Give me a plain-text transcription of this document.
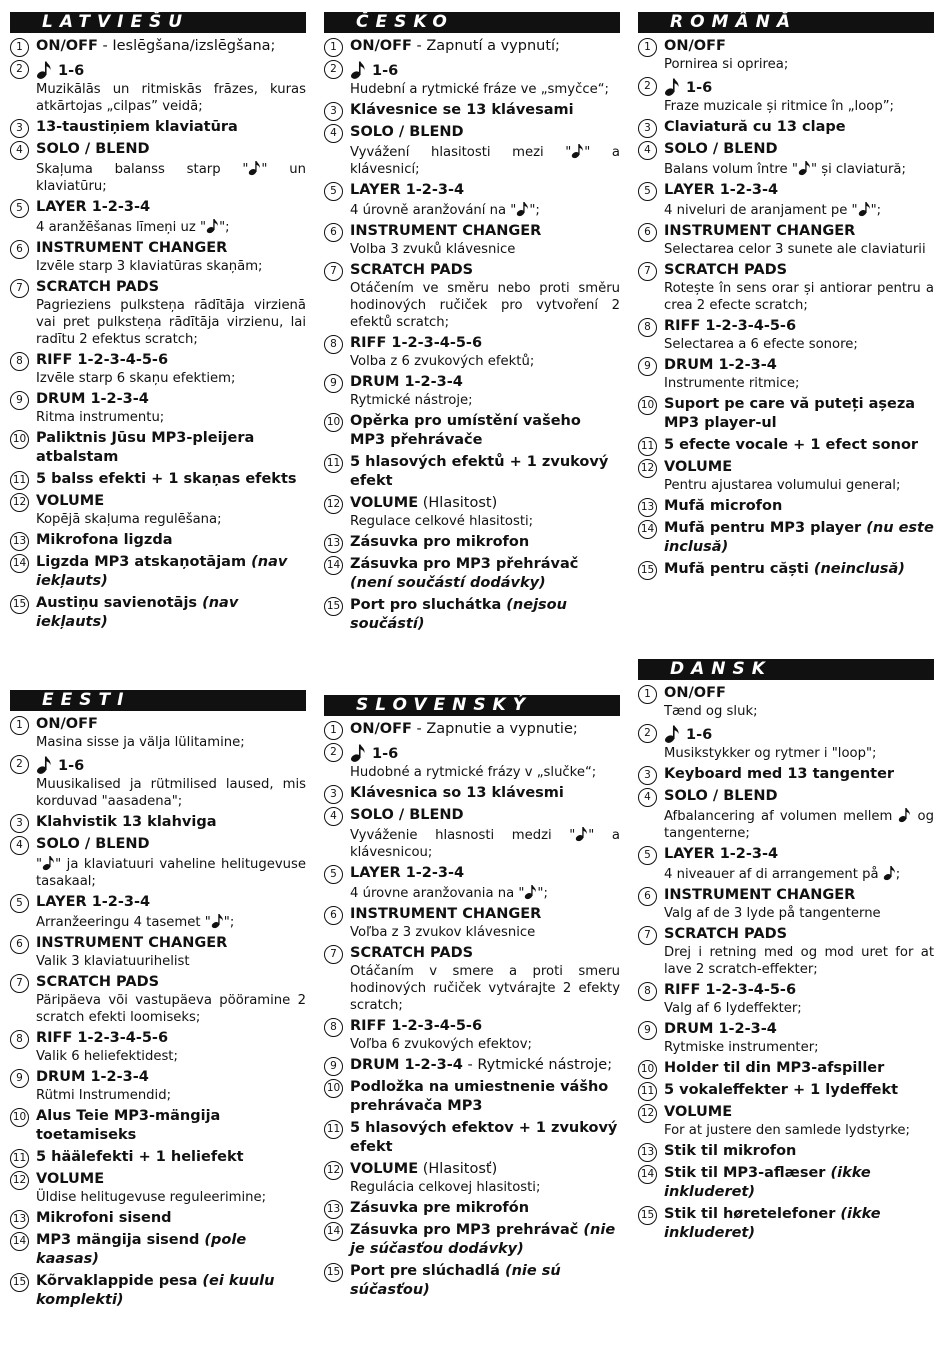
LATVIEŠU
1 ON/OFF - Ieslēgšana/izslēgšana;
2	1-6
Muzikālās un ritmiskās frāzes, kuras atkārtojas „cilpas” veidā;
3 13-taustiņiem klaviatūra
4 SOLO / BLEND
Skaļuma balanss starp " " un klaviatūru;
5 LAYER 1-2-3-4
4 aranžēšanas līmeņi uz " ";
6 INSTRUMENT CHANGER
Izvēle starp 3 klaviatūras skaņām;
7 SCRATCH PADS
Pagrieziens pulksteņa rādītāja virzienā vai pret pulksteņa rādītāja virzienu, lai radītu 2 efektus scratch;
8 RIFF 1-2-3-4-5-6
Izvēle starp 6 skaņu efektiem;
9 DRUM 1-2-3-4
Ritma instrumentu;
10 Paliktnis Jūsu MP3-pleijera atbalstam
11 5 balss efekti + 1 skaņas efekts
12 VOLUME
Kopējā skaļuma regulēšana;
13 Mikrofona ligzda
14 Ligzda MP3 atskaņotājam (nav iekļauts)
15 Austiņu savienotājs (nav iekļauts)
ČESKO
1 ON/OFF - Zapnutí a vypnutí;
2	1-6
Hudební a rytmické fráze ve „smyčce“;
3 Klávesnice se 13 klávesami
4 SOLO / BLEND
Vyvážení hlasitosti mezi " " a klávesnicí;
5 LAYER 1-2-3-4
4 úrovně aranžování na " ";
6 INSTRUMENT CHANGER
Volba 3 zvuků klávesnice
7 SCRATCH PADS
Otáčením ve směru nebo proti směru hodinových ručiček pro vytvoření 2 efektů scratch;
8 RIFF 1-2-3-4-5-6
Volba z 6 zvukových efektů;
9 DRUM 1-2-3-4
Rytmické nástroje;
10 Opěrka pro umístění vašeho MP3 přehrávače
11 5 hlasových efektů + 1 zvukový efekt
12 VOLUME (Hlasitost)
Regulace celkové hlasitosti;
13 Zásuvka pro mikrofon
14 Zásuvka pro MP3 přehrávač (není součástí dodávky)
15 Port pro sluchátka (nejsou součástí)
ROMÂNĂ
1 ON/OFF
Pornirea si oprirea;
2	1-6
Fraze muzicale și ritmice în „loop”;
3 Claviatură cu 13 clape
4 SOLO / BLEND
Balans volum între " " și claviatură;
5 LAYER 1-2-3-4
4 niveluri de aranjament pe " ";
6 INSTRUMENT CHANGER
Selectarea celor 3 sunete ale claviaturii
7 SCRATCH PADS
Rotește în sens orar și antiorar pentru a crea 2 efecte scratch;
8 RIFF 1-2-3-4-5-6
Selectarea a 6 efecte sonore;
9 DRUM 1-2-3-4
Instrumente ritmice;
10 Suport pe care vă puteți așeza MP3 player-ul
11 5 efecte vocale + 1 efect sonor
12 VOLUME
Pentru ajustarea volumului general;
13 Mufă microfon
14 Mufă pentru MP3 player (nu este inclusă)
15 Mufă pentru căști (neinclusă)
EESTI
1 ON/OFF
Masina sisse ja välja lülitamine;
2	1-6
Muusikalised ja rütmilised laused, mis korduvad "aasadena";
3 Klahvistik 13 klahviga
4 SOLO / BLEND
" " ja klaviatuuri vaheline helitugevuse tasakaal;
5 LAYER 1-2-3-4
Arranžeeringu 4 tasemet " ";
6 INSTRUMENT CHANGER
Valik 3 klaviatuurihelist
7 SCRATCH PADS
Päripäeva või vastupäeva pööramine 2 scratch efekti loomiseks;
8 RIFF 1-2-3-4-5-6
Valik 6 heliefektidest;
9 DRUM 1-2-3-4
Rütmi Instrumendid;
10 Alus Teie MP3-mängija toetamiseks
11 5 häälefekti + 1 heliefekt
12 VOLUME
Üldise helitugevuse reguleerimine;
13 Mikrofoni sisend
14 MP3 mängija sisend (pole kaasas)
15 Kõrvaklappide pesa (ei kuulu komplekti)
SLOVENSKÝ
1 ON/OFF - Zapnutie a vypnutie;
2	1-6
Hudobné a rytmické frázy v „slučke“;
3 Klávesnica so 13 klávesmi
4 SOLO / BLEND
Vyváženie hlasnosti medzi " " a klávesnicou;
5 LAYER 1-2-3-4
4 úrovne aranžovania na " ";
6 INSTRUMENT CHANGER
Voľba z 3 zvukov klávesnice
7 SCRATCH PADS
Otáčaním v smere a proti smeru hodinových ručiček vytvárajte 2 efekty scratch;
8 RIFF 1-2-3-4-5-6
Voľba 6 zvukových efektov;
9 DRUM 1-2-3-4 - Rytmické nástroje;
10 Podložka na umiestnenie vášho prehrávača MP3
11 5 hlasových efektov + 1 zvukový efekt
12 VOLUME (Hlasitosť)
Regulácia celkovej hlasitosti;
13 Zásuvka pre mikrofón
14 Zásuvka pro MP3 prehrávač (nie je súčasťou dodávky)
15 Port pre slúchadlá (nie sú súčasťou)
DANSK
1 ON/OFF
Tænd og sluk;
2	1-6
Musikstykker og rytmer i "loop";
3 Keyboard med 13 tangenter
4 SOLO / BLEND
Afbalancering af volumen mellem  og tangenterne;
5 LAYER 1-2-3-4
4 niveauer af di arrangement på ;
6 INSTRUMENT CHANGER
Valg af de 3 lyde på tangenterne
7 SCRATCH PADS
Drej i retning med og mod uret for at lave 2 scratch-effekter;
8 RIFF 1-2-3-4-5-6
Valg af 6 lydeffekter;
9 DRUM 1-2-3-4
Rytmiske instrumenter;
10 Holder til din MP3-afspiller
11 5 vokaleffekter + 1 lydeffekt
12 VOLUME
For at justere den samlede lydstyrke;
13 Stik til mikrofon
14 Stik til MP3-aflæser (ikke inkluderet)
15 Stik til høretelefoner (ikke inkluderet)
